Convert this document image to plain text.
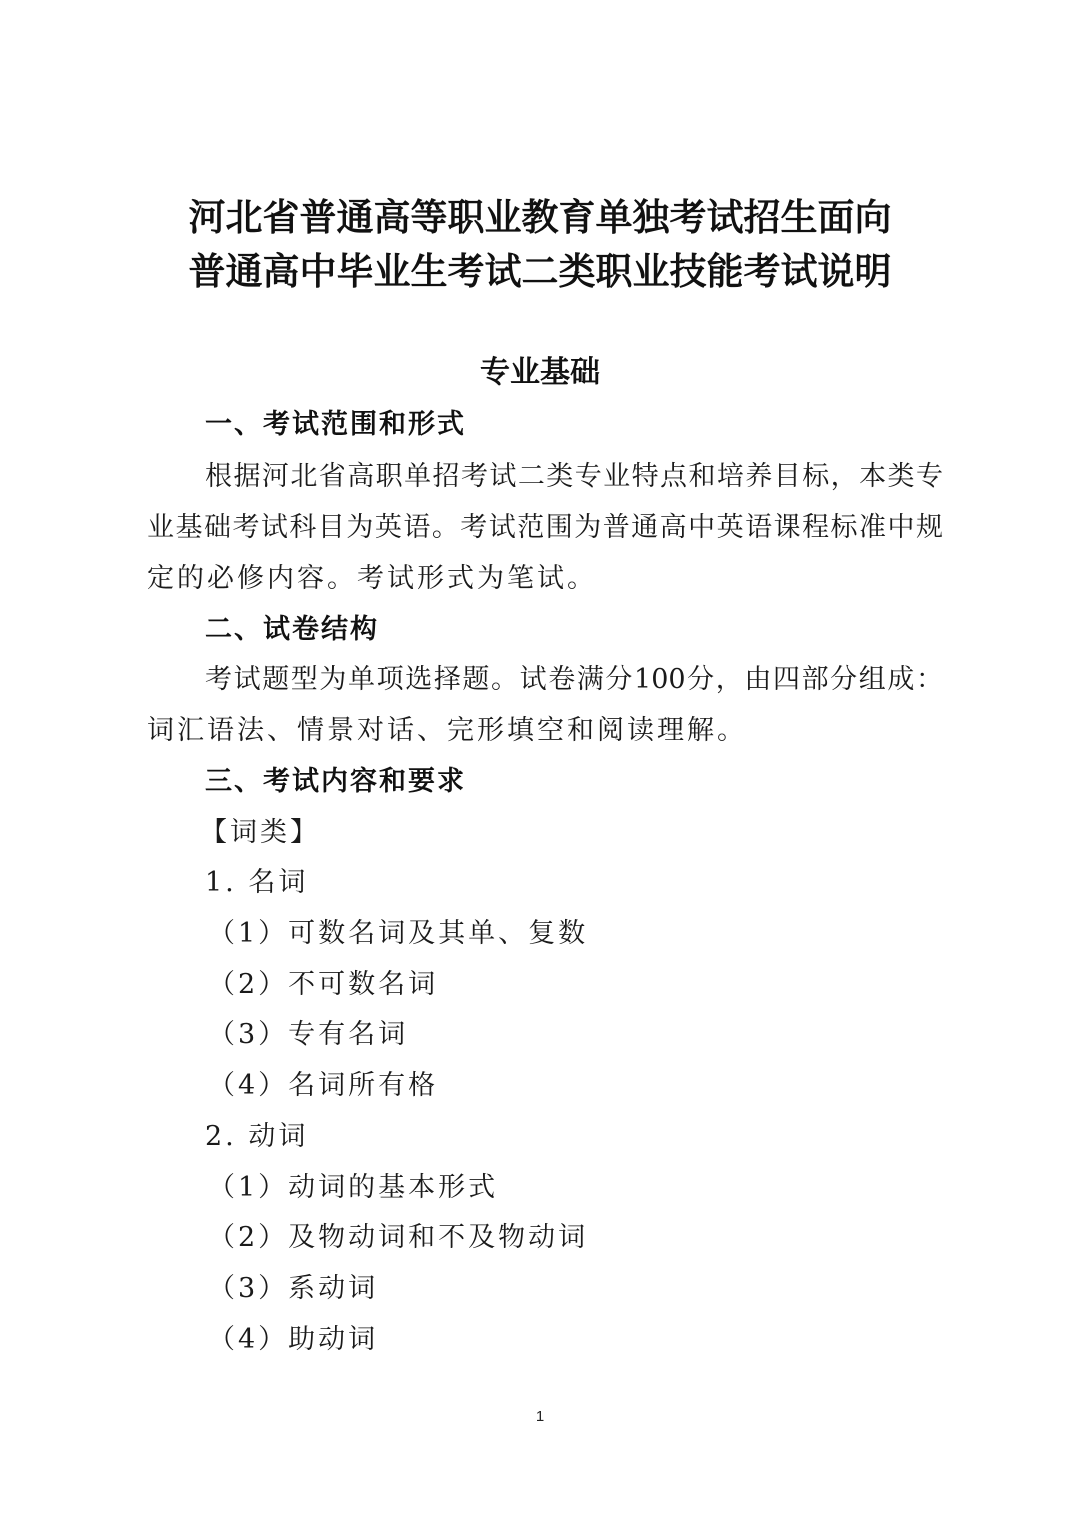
河北省普通高等职业教育单独考试招生面向
普通高中毕业生考试二类职业技能考试说明
专业基础
一、考试范围和形式
根据河北省高职单招考试二类专业特点和培养目标，本类专
业基础考试科目为英语。考试范围为普通高中英语课程标准中规
定的必修内容。考试形式为笔试。
二、试卷结构
考试题型为单项选择题。试卷满分100分，由四部分组成：
词汇语法、情景对话、完形填空和阅读理解。
三、考试内容和要求
【词类】
1. 名词
（1）可数名词及其单、复数
（2）不可数名词
（3）专有名词
（4）名词所有格
2. 动词
（1）动词的基本形式
（2）及物动词和不及物动词
（3）系动词
（4）助动词
1
